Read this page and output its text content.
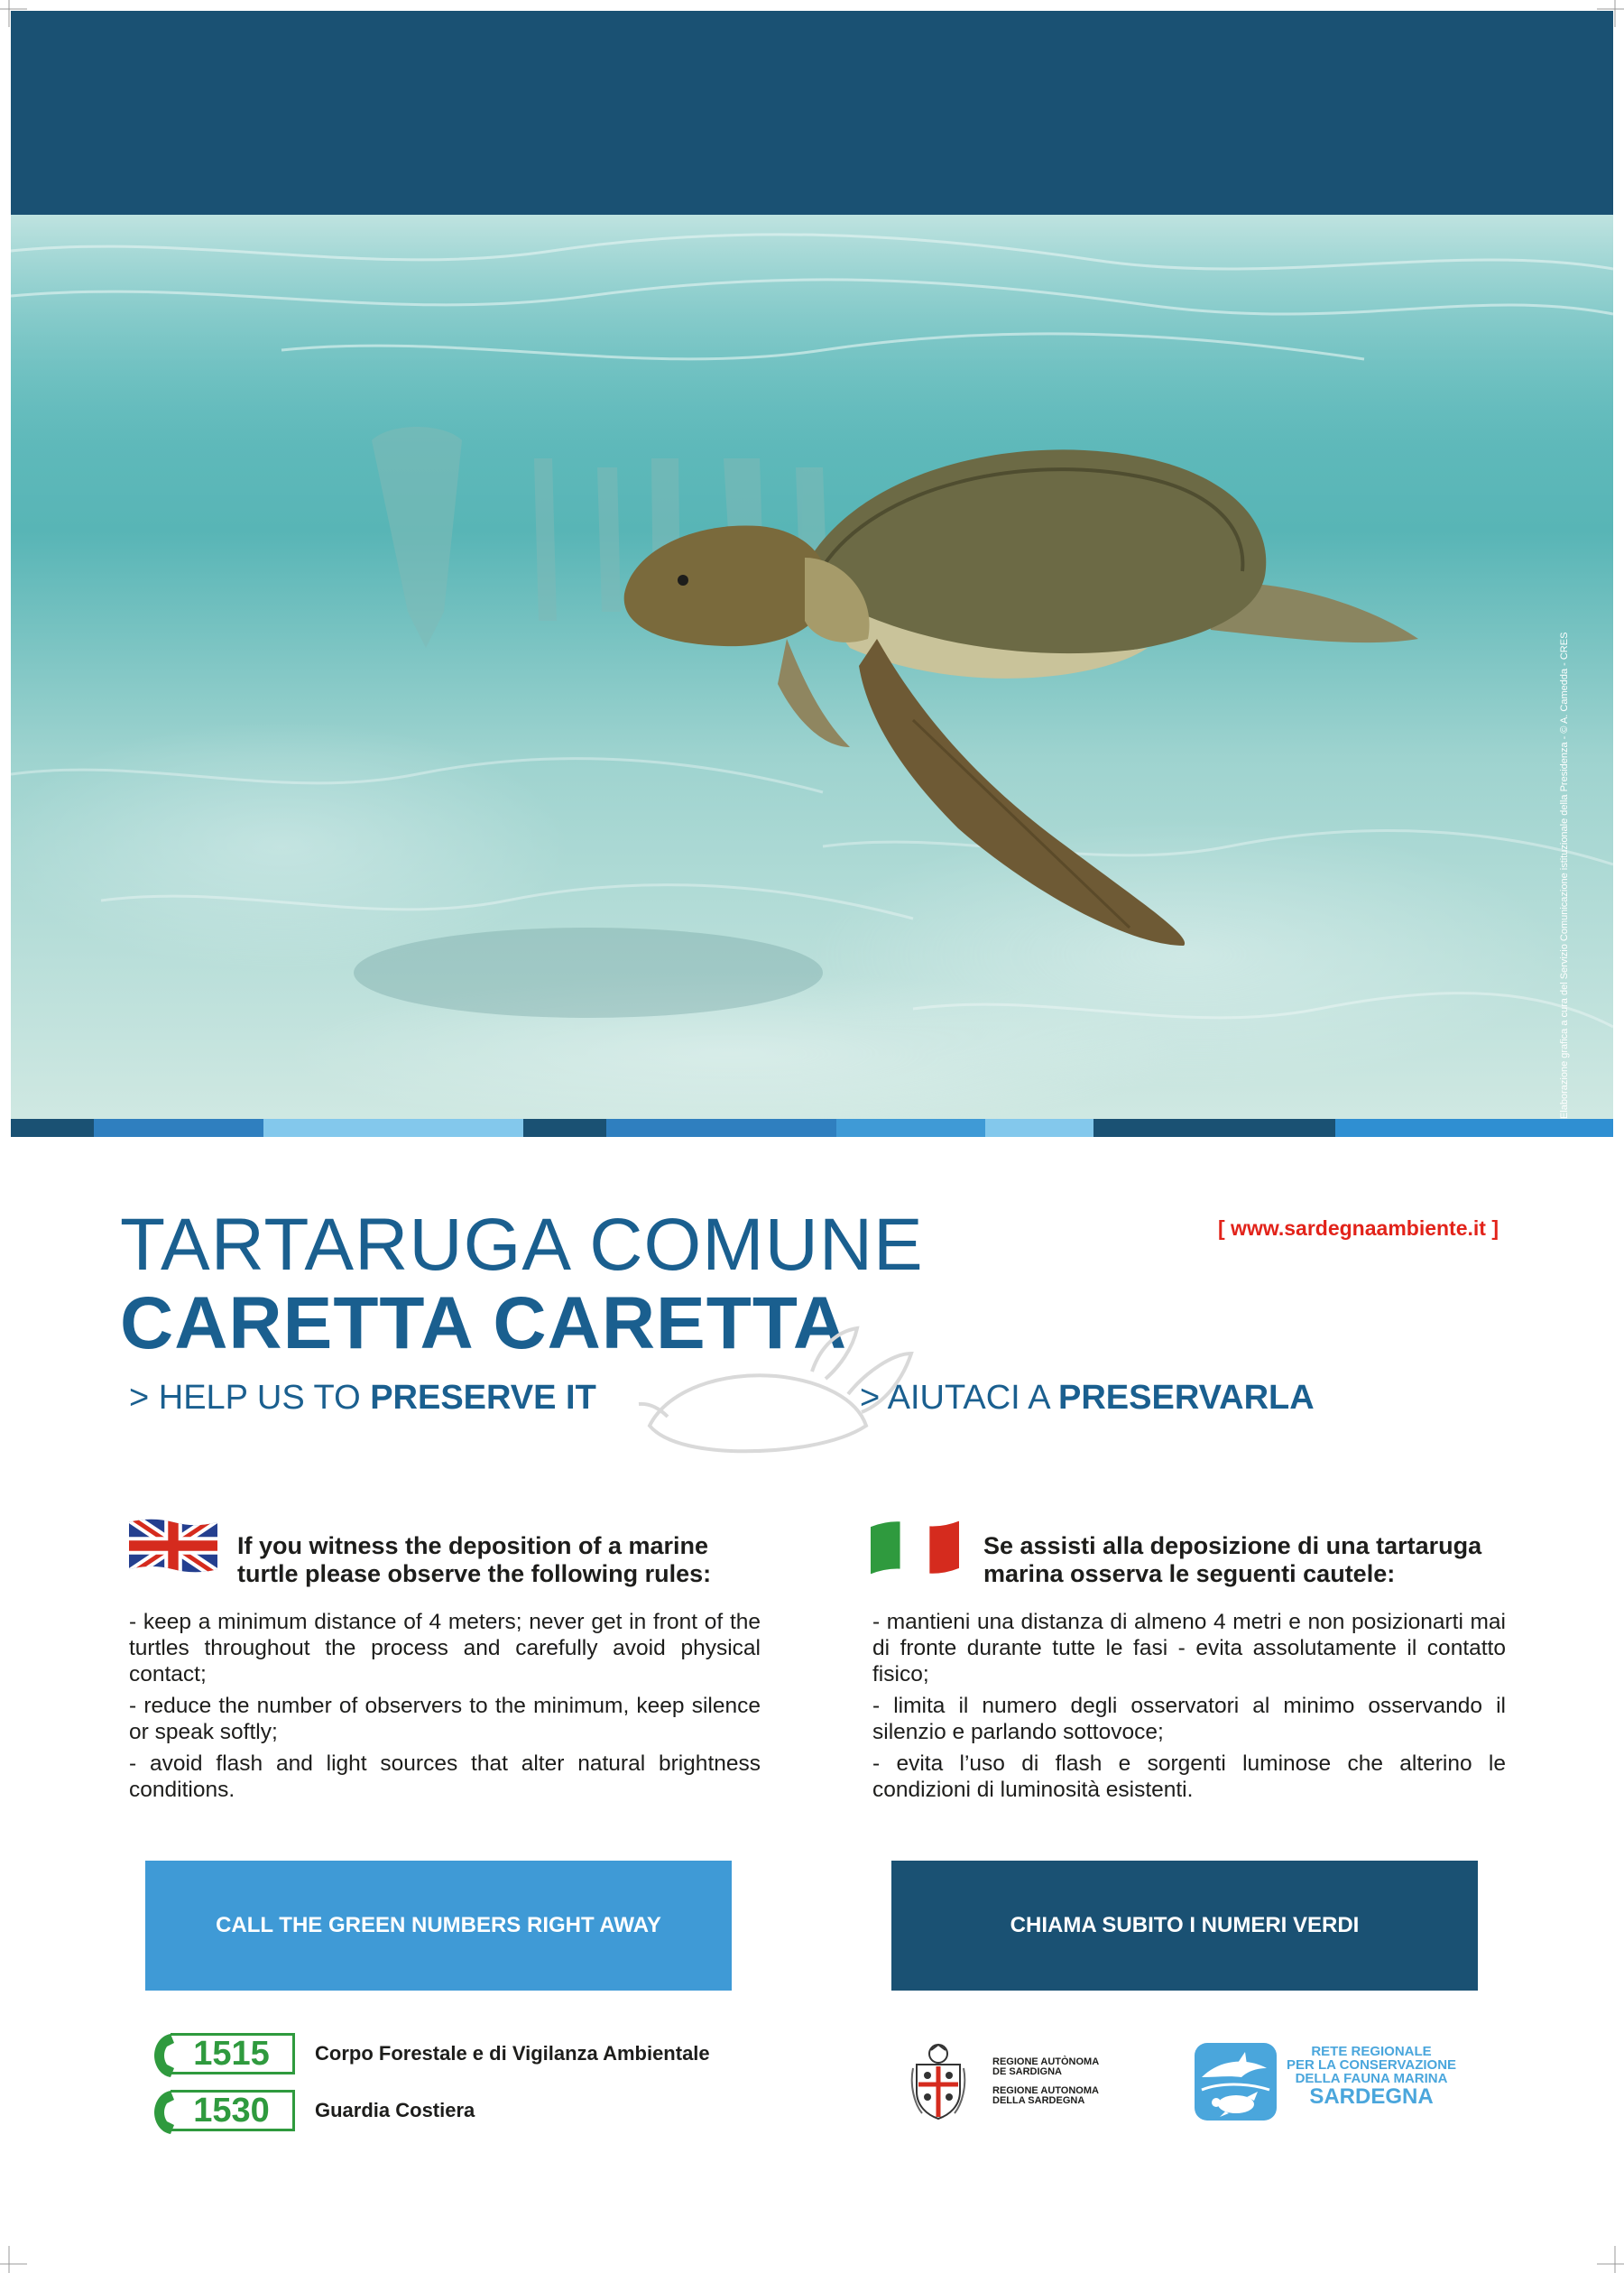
Elaborazione grafica a cura del Servizio Comunicazione istituzionale della Presidenza - © A. Camedda - CRES
TARTARUGA COMUNE
CARETTA CARETTA
[ www.sardegnaambiente.it ]
> HELP US TO PRESERVE IT	> AIUTACI A PRESERVARLA
If you witness the deposition of a marine turtle please observe the following rules:
Se assisti alla deposizione di una tartaruga marina osserva le seguenti cautele:

- keep a minimum distance of 4 meters; never get in front of the turtles throughout the process and carefully avoid physical contact;

- reduce the number of observers to the minimum, keep silence or speak softly;

- avoid flash and light sources that alter natural brightness conditions.

- mantieni una distanza di almeno 4 metri e non posizionarti mai di fronte durante tutte le fasi - evita assolutamente il contatto fisico;

- limita il numero degli osservatori al minimo osservando il silenzio e parlando sottovoce;

- evita l’uso di flash e sorgenti luminose che alterino le condizioni di luminosità esistenti.

CALL THE GREEN NUMBERS RIGHT AWAY	CHIAMA SUBITO I NUMERI VERDI
1515 Corpo Forestale e di Vigilanza Ambientale
1530 Guardia Costiera
REGIONE AUTÒNOMA
DE SARDIGNA
REGIONE AUTONOMA
DELLA SARDEGNA
RETE REGIONALE
PER LA CONSERVAZIONE
DELLA FAUNA MARINA
SARDEGNA
